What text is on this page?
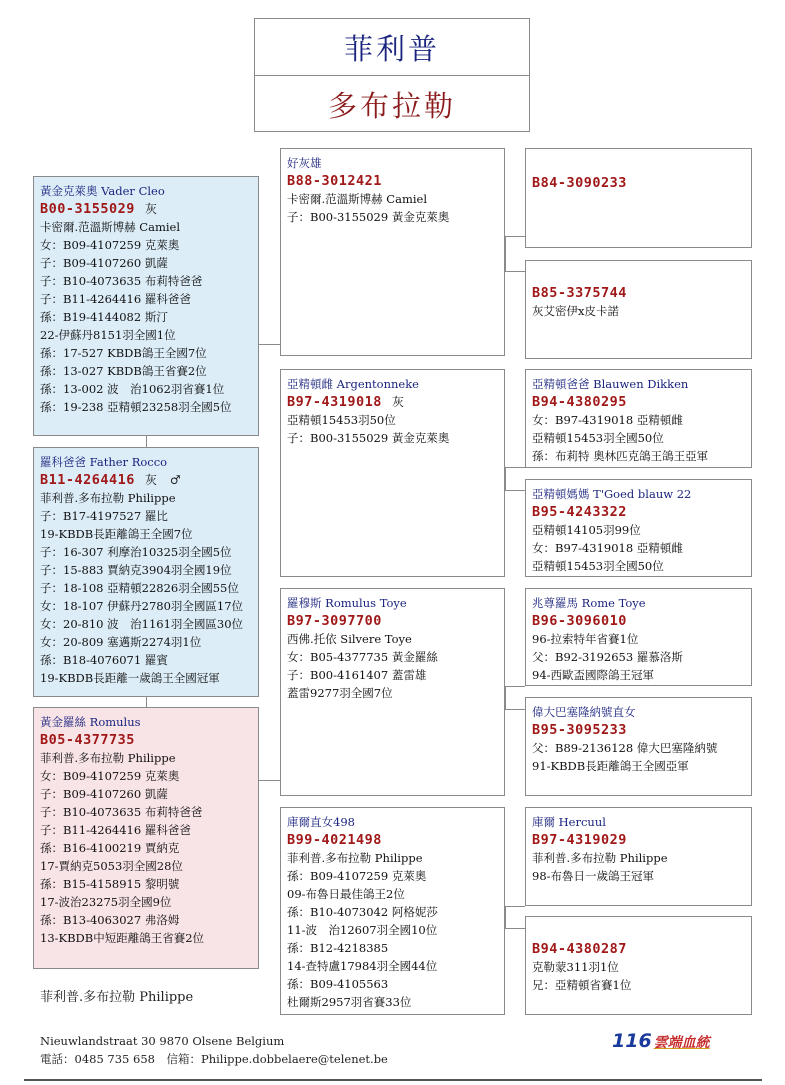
菲利普
多布拉勒
黃金克萊奧 Vader Cleo
B00-3155029 灰
卡密爾.范溫斯博赫 Camiel
女：B09-4107259 克萊奧
子：B09-4107260 凱薩
子：B10-4073635 布莉特爸爸
子：B11-4264416 羅科爸爸
孫：B19-4144082 斯汀
22-伊蘇丹8151羽全國1位
孫：17-527 KBDB鴿王全國7位
孫：13-027 KBDB鴿王省賽2位
孫：13-002 波　治1062羽省賽1位
孫：19-238 亞精頓23258羽全國5位
羅科爸爸 Father Rocco
B11-4264416 灰　♂
菲利普.多布拉勒 Philippe
子：B17-4197527 羅比
19-KBDB長距離鴿王全國7位
子：16-307 利摩治10325羽全國5位
子：15-883 賈納克3904羽全國19位
子：18-108 亞精頓22826羽全國55位
女：18-107 伊蘇丹2780羽全國區17位
女：20-810 波　治1161羽全國區30位
女：20-809 塞邁斯2274羽1位
孫：B18-4076071 羅賓
19-KBDB長距離一歲鴿王全國冠軍
黃金羅絲 Romulus
B05-4377735
菲利普.多布拉勒 Philippe
女：B09-4107259 克萊奧
子：B09-4107260 凱薩
子：B10-4073635 布莉特爸爸
子：B11-4264416 羅科爸爸
孫：B16-4100219 賈納克
17-賈納克5053羽全國28位
孫：B15-4158915 黎明號
17-波治23275羽全國9位
孫：B13-4063027 弗洛姆
13-KBDB中短距離鴿王省賽2位
好灰雄
B88-3012421
卡密爾.范溫斯博赫 Camiel
子：B00-3155029 黃金克萊奧
亞精頓雌 Argentonneke
B97-4319018 灰
亞精頓15453羽50位
子：B00-3155029 黃金克萊奧
羅穆斯 Romulus Toye
B97-3097700
西佛.托依 Silvere Toye
女：B05-4377735 黃金羅絲
子：B00-4161407 蓋雷雄
蓋雷9277羽全國7位
庫爾直女498
B99-4021498
菲利普.多布拉勒 Philippe
孫：B09-4107259 克萊奧
09-布魯日最佳鴿王2位
孫：B10-4073042 阿格妮莎
11-波　治12607羽全國10位
孫：B12-4218385
14-查特盧17984羽全國44位
孫：B09-4105563
杜爾斯2957羽省賽33位
B84-3090233
B85-3375744
灰艾密伊x皮卡諾
亞精頓爸爸 Blauwen Dikken
B94-4380295
女：B97-4319018 亞精頓雌
亞精頓15453羽全國50位
孫：布莉特 奧林匹克鴿王鴿王亞軍
亞精頓媽媽 T'Goed blauw 22
B95-4243322
亞精頓14105羽99位
女：B97-4319018 亞精頓雌
亞精頓15453羽全國50位
兆尊羅馬 Rome Toye
B96-3096010
96-拉索特年省賽1位
父：B92-3192653 羅慕洛斯
94-西歐盃國際鴿王冠軍
偉大巴塞隆納號直女
B95-3095233
父：B89-2136128 偉大巴塞隆納號
91-KBDB長距離鴿王全國亞軍
庫爾 Hercuul
B97-4319029
菲利普.多布拉勒 Philippe
98-布魯日一歲鴿王冠軍
B94-4380287
克勒蒙311羽1位
兄：亞精頓省賽1位
菲利普.多布拉勒 Philippe
Nieuwlandstraat 30 9870 Olsene Belgium
電話：0485 735 658　信箱：Philippe.dobbelaere@telenet.be
116 雲端血統
